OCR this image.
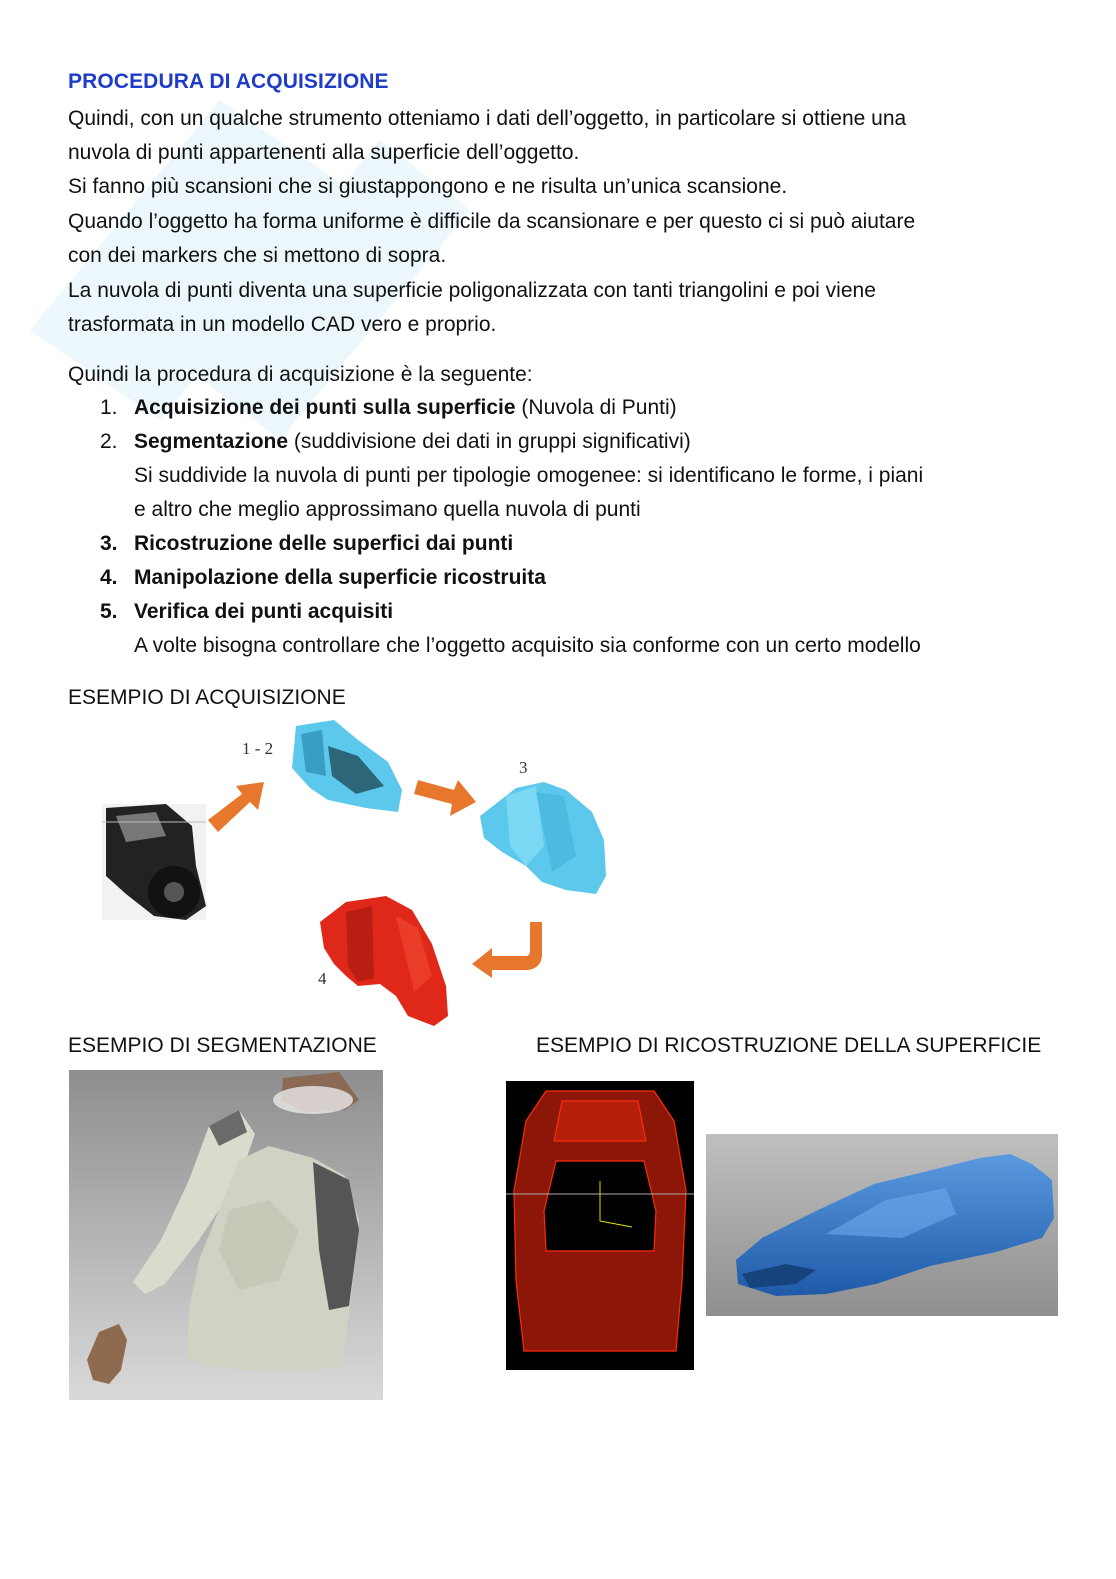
PROCEDURA DI ACQUISIZIONE

Quindi, con un qualche strumento otteniamo i dati dell’oggetto, in particolare si ottiene una

nuvola di punti appartenenti alla superficie dell’oggetto.

Si fanno più scansioni che si giustappongono e ne risulta un’unica scansione.

Quando l’oggetto ha forma uniforme è difficile da scansionare e per questo ci si può aiutare

con dei markers che si mettono di sopra.

La nuvola di punti diventa una superficie poligonalizzata con tanti triangolini e poi viene

trasformata in un modello CAD vero e proprio.

Quindi la procedura di acquisizione è la seguente:

1. Acquisizione dei punti sulla superficie (Nuvola di Punti)
2. Segmentazione (suddivisione dei dati in gruppi significativi)
Si suddivide la nuvola di punti per tipologie omogenee: si identificano le forme, i piani
e altro che meglio approssimano quella nuvola di punti
3. Ricostruzione delle superfici dai punti
4. Manipolazione della superficie ricostruita
5. Verifica dei punti acquisiti
A volte bisogna controllare che l’oggetto acquisito sia conforme con un certo modello
ESEMPIO DI ACQUISIZIONE
1 - 2
3
4
ESEMPIO DI SEGMENTAZIONE	ESEMPIO DI RICOSTRUZIONE DELLA SUPERFICIE
